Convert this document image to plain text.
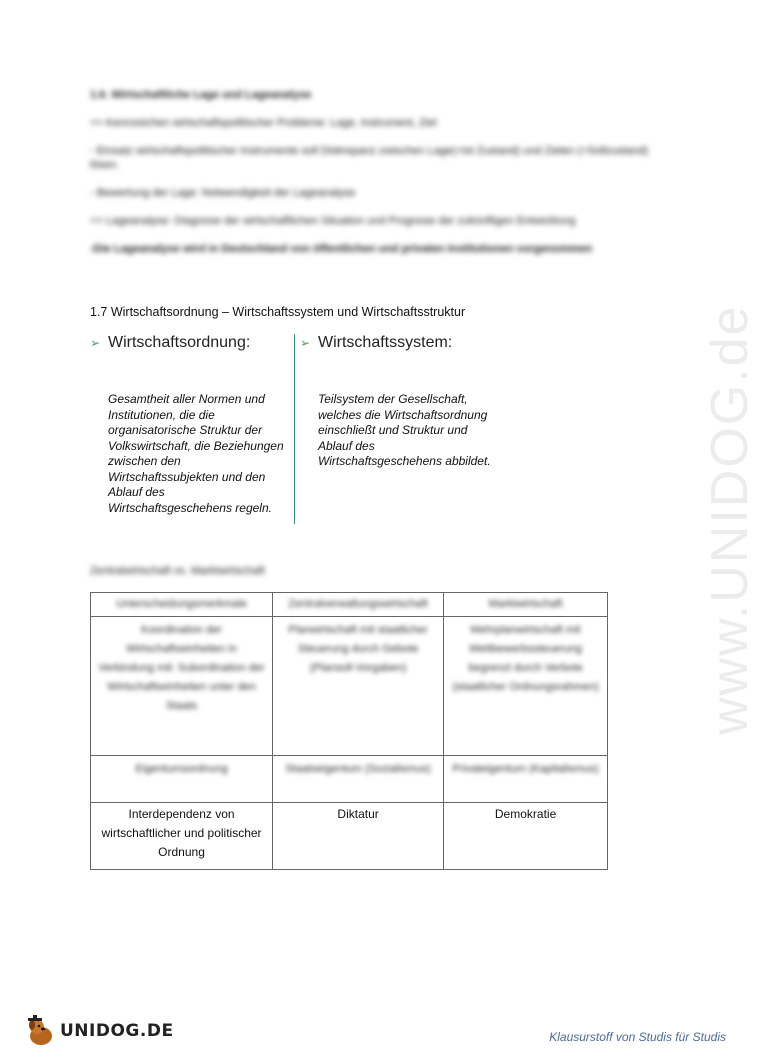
1.6. Wirtschaftliche Lage und Lageanalyse

=> Kennzeichen wirtschaftspolitischer Probleme: Lage, Instrument, Ziel

- Einsatz wirtschaftspolitischer Instrumente soll Diskrepanz zwischen Lage(=Ist Zustand) und Zielen (=Sollzustand) lösen.

- Bewertung der Lage: Notwendigkeit der Lageanalyse

=> Lageanalyse: Diagnose der wirtschaftlichen Situation und Prognose der zukünftigen Entwicklung

-Die Lageanalyse wird in Deutschland von öffentlichen und privaten Institutionen vorgenommen

www.UNIDOG.de
1.7 Wirtschaftsordnung – Wirtschaftssystem und Wirtschaftsstruktur
➢ Wirtschaftsordnung:
Gesamtheit aller Normen und Institutionen, die die organisatorische Struktur der Volkswirtschaft, die Beziehungen zwischen den Wirtschaftssubjekten und den Ablauf des Wirtschaftsgeschehens regeln.
➢ Wirtschaftssystem:
Teilsystem der Gesellschaft, welches die Wirtschaftsordnung einschließt und Struktur und Ablauf des Wirtschaftsgeschehens abbildet.
Zentralwirtschaft vs. Marktwirtschaft
Unterscheidungsmerkmale	Zentralverwaltungswirtschaft	Marktwirtschaft

Koordination der Wirtschaftseinheiten in Verbindung mit: Subordination der Wirtschaftseinheiten unter den Staats	Planwirtschaft mit staatlicher Steuerung durch Gebote (Plansoll-Vorgaben)	Mehrplanwirtschaft mit Wettbewerbssteuerung begrenzt durch Verbote (staatlicher Ordnungsrahmen)

Eigentumsordnung	Staatseigentum (Sozialismus)	Privateigentum (Kapitalismus)

Interdependenz von wirtschaftlicher und politischer Ordnung	Diktatur	Demokratie
UNIDOG.DE	Klausurstoff von Studis für Studis
